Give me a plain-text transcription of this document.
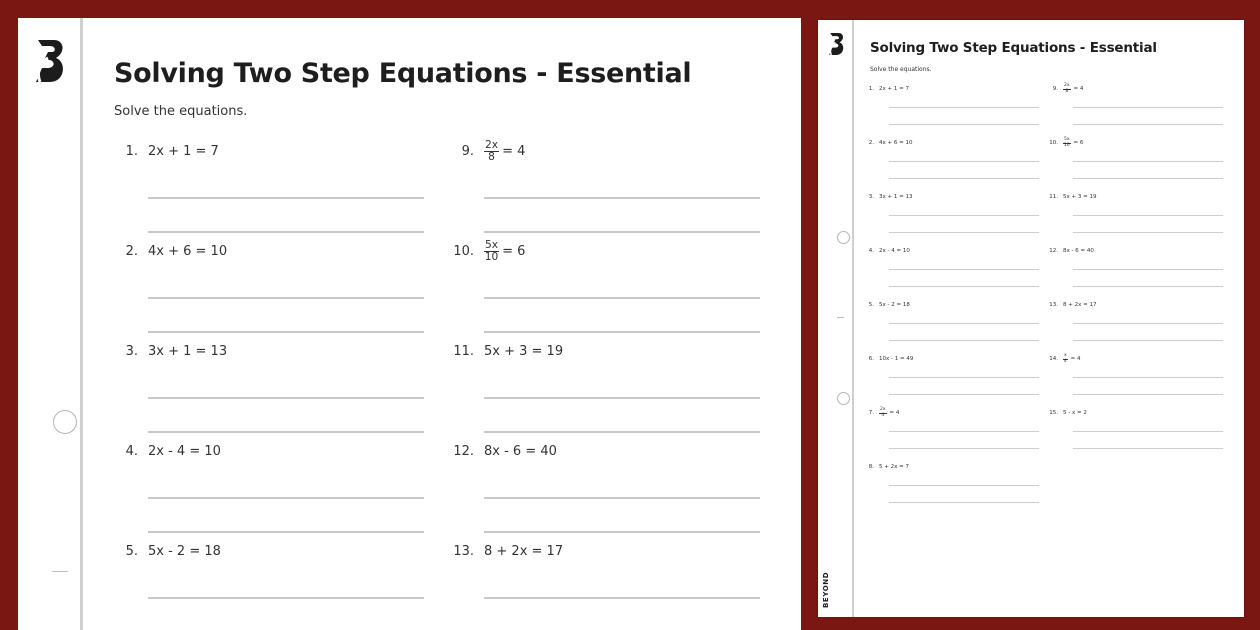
Solving Two Step Equations - Essential
Solve the equations.
1. 2x + 1 = 7
2. 4x + 6 = 10
3. 3x + 1 = 13
4. 2x - 4 = 10
5. 5x - 2 = 18
9. $\frac{2x}{8} = 4$
10. $\frac{5x}{10} = 6$
11. 5x + 3 = 19
12. 8x - 6 = 40
13. 8 + 2x = 17
Solving Two Step Equations - Essential
Solve the equations.
BEYOND
1. 2x + 1 = 7
2. 4x + 6 = 10
3. 3x + 1 = 13
4. 2x - 4 = 10
5. 5x - 2 = 18
6. 10x - 1 = 49
7. $\frac{2x}{4} = 4$
8. 5 + 2x = 7
9. $\frac{2x}{8} = 4$
10. $\frac{5x}{10} = 6$
11. 5x + 3 = 19
12. 8x - 6 = 40
13. 8 + 2x = 17
14. $\frac{x}{4} = 4$
15. 5 - x = 2
